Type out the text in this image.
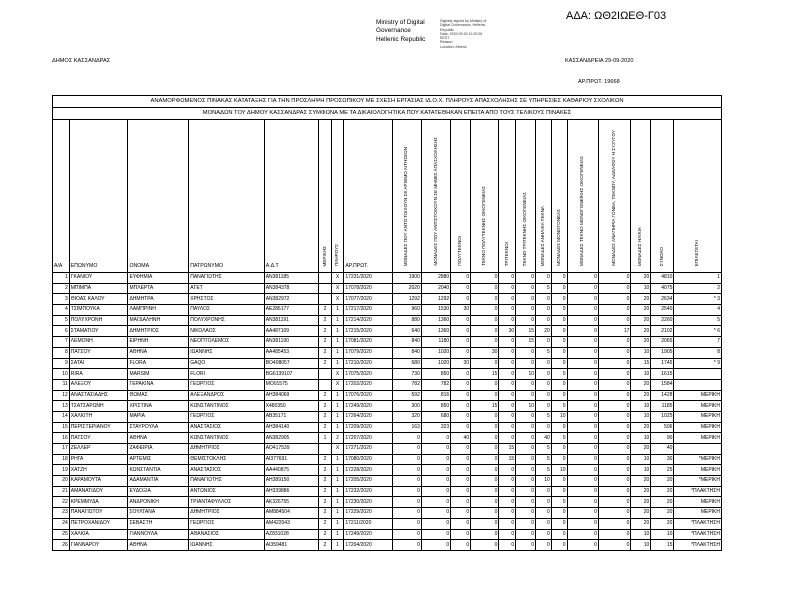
ΑΔΑ: ΩΘ2ΙΩΕΘ-Γ03
Ministry of Digital
Governance
Hellenic Republic
Digitally signed by Ministry of
Digital Governance, Hellenic
Republic
Date: 2020.09.30 11:29:26
EEST
Reason:
Location: Athens
ΔΗΜΟΣ ΚΑΣΣΑΝΔΡΑΣ	ΚΑΣΣΑΝΔΡΕΙΑ 29-09-2020
ΑΡ.ΠΡΩΤ. 19668
ΑΝΑΜΟΡΦΩΜΕΝΟΣ ΠΙΝΑΚΑΣ ΚΑΤΑΤΑΞΗΣ ΓΙΑ ΤΗΝ ΠΡΟΣΛΗΨΗ ΠΡΟΣΩΠΙΚΟΥ ΜΕ ΣΧΕΣΗ ΕΡΓΑΣΙΑΣ ΙΔ.Ο.Χ. ΠΛΗΡΟΥΣ ΑΠΑΣΧΟΛΗΣΗΣ ΣΕ ΥΠΗΡΕΣΙΕΣ ΚΑΘΑΡΙΟΥ ΣΧΟΛΙΚΩΝ																				
ΜΟΝΑΔΩΝ ΤΟΥ ΔΗΜΟΥ ΚΑΣΣΑΝΔΡΑΣ ΣΥΜΦΩΝΑ ΜΕ ΤΑ ΔΙΚΑΙΟΛΟΓΗΤΙΚΑ ΠΟΥ ΚΑΤΑΤΕΘΗΚΑΝ ΕΠΕΙΤΑ ΑΠΟ ΤΟΥΣ ΤΕΛΙΚΟΥΣ ΠΙΝΑΚΕΣ																				
Α/Α	ΕΠΩΝΥΜΟ	ΟΝΟΜΑ	ΠΑΤΡΩΝΥΜΟ	Α.Δ.Τ	ΜΕΡΙΚΗΣ	ΠΛΗΡΟΥΣ	ΑΡ.ΠΡΩΤ.	ΜΟΝΑΔΕΣ ΠΟΥ ΑΝΤΙΣΤΟΙΧΟΥΝ ΣΕ ΑΡΙΘΜΟ ΑΙΤΗΣΕΩΝ	ΜΟΝΑΔΕΣ ΠΟΥ ΑΝΤΙΣΤΟΙΧΟΥΝ ΣΕ ΜΗΝΕΣ ΑΠΑΣΧΟΛΗΣΗΣ	ΠΟΛΥΤΕΚΝΟΙ	ΤΕΚΝΟ ΠΟΛΥΤΕΚΝΗΣ ΟΙΚΟΓΕΝΕΙΑΣ	ΤΡΙΤΕΚΝΟΙ	ΤΕΚΝΟ ΤΡΙΤΕΚΝΗΣ ΟΙΚΟΓΕΝΕΙΑΣ	ΜΟΝΑΔΕΣ ΑΝΗΛΙΚΑ ΤΕΚΝΑ	ΜΟΝΑΔΕΣ ΜΟΝΟΓΟΝΕΑΣ	ΜΟΝΑΔΕΣ ΤΕΚΝΟ ΜΟΝΟΓΟΝΕΪΚΗΣ ΟΙΚΟΓΕΝΕΙΑΣ	ΜΟΝΑΔΕΣ ΑΝΑΠΗΡΙΑ ΓΟΝΕΑ, ΤΕΚΝΟΥ, ΑΔΕΛΦΟΥ Η ΣΥΖΥΓΟΥ	ΜΟΝΑΔΕΣ ΗΛΙΚΙΑ	ΣΥΝΟΛΟ	ΕΠΙΛΕΓΕΤΑΙ
1	ΓΚΑΝΙΟΥ	ΕΥΦΗΜΙΑ	ΠΑΝΑΓΙΩΤΗΣ	ΑΝ381185		Χ	17231/2020	1900	2880	0	0	0	0	0	0	0	0	20	4810	1
2	ΜΠΙΜΠΑ	ΜΠΛΕΡΤΑ	ΑΓΕΤ	ΑΝ384378		Χ	17078/2020	2020	2040	0	0	0	0	5	0	0	0	10	4075	2
3	ΘΙΟΑΣ ΚΑΛΟΥ	ΔΗΜΗΤΡΑ	ΧΡΗΣΤΟΣ	ΑΝ382972		Χ	17077/2020	1292	1292	0	0	0	0	0	0	0	0	20	2634	* 3
4	ΤΣΙΜΠΟΥΚΑ	ΛΑΜΠΡΙΝΗ	ΠΑΥΛΟΣ	ΑΕ286177	2	1	17217/2020	960	1530	30	0	0	0	0	0	0	0	20	2540	4
5	ΠΟΛΥΧΡΟΝΗ	ΜΑΓΔΑΛΗΝΗ	ΠΟΛΥΧΡΟΝΗΣ	ΑΝ381191	2	1	17214/2020	880	1360	0	0	0	0	0	0	0	0	20	2260	5
6	ΣΤΑΜΑΤΙΟΥ	ΔΗΜΗΤΡΙΟΣ	ΝΙΚΟΛΑΟΣ	ΑΑ487109	2	1	17215/2020	640	1360	0	0	30	15	20	0	0	17	20	2102	* 6
7	ΛΕΜΟΝΗ	ΕΙΡΗΝΗ	ΝΕΟΠΤΟΛΕΜΟΣ	ΑΝ381190	2	1	17081/2020	840	1180	0	0	0	15	0	0	0	0	20	2065	7
8	ΠΑΤΣΟΥ	ΑΘΗΝΑ	ΙΩΑΝΝΗΣ	ΑΑ485453	2	1	17079/2020	840	1020	0	30	0	0	5	0	0	0	10	1905	8
9	ΣΑΤΑΙ	FLORA	GAQO	BO408057	2	1	17210/2020	680	1020	30	0	0	0	0	0	0	0	15	1745	* 9
10	RIRA	MARSIM	FLORI	BG6139107		Χ	17075/2020	730	850	0	15	0	10	0	0	0	0	10	1615	
11	ΑΛΕΞΟΥ	ΓΕΡΑΚΙΝΑ	ΓΕΩΡΓΙΟΣ	ΜΟ01575		Χ	17202/2020	782	782	0	0	0	0	0	0	0	0	20	1584	
12	ΑΝΑΣΤΑΣΙΑΔΗΣ	ΘΩΜΑΣ	ΑΛΕΞΑΝΔΡΟΣ	ΑΗ384069	2	1	17076/2020	592	816	0	0	0	0	0	0	0	0	20	1428	ΜΕΡΙΚΗ
13	ΤΣΑΤΣΑΡΩΝΗ	ΧΡΙΣΤΙΝΑ	ΚΩΝΣΤΑΝΤΙΝΟΣ	Χ480350	2	1	17249/2020	300	850	0	15	0	10	0	0	0	0	10	1185	ΜΕΡΙΚΗ
14	ΧΑΛΚΙΤΗ	ΜΑΡΙΑ	ΓΕΩΡΓΙΟΣ	ΑΒ35171	2	1	17264/2020	320	680	0	0	0	0	5	10	0	0	10	1025	ΜΕΡΙΚΗ
15	ΠΕΡΙΣΤΕΡΙΑΝΟΥ	ΣΤΑΥΡΟΥΛΑ	ΑΝΑΣΤΑΣΙΟΣ	ΑΗ384140	2	1	17209/2020	163	323	0	0	0	0	0	0	0	0	20	506	ΜΕΡΙΚΗ
16	ΠΑΤΣΟΥ	ΑΘΗΝΑ	ΚΩΝΣΤΑΝΤΙΝΟΣ	ΑΝ382905	1	2	17207/2020	0	0	40	0	0	0	40	0	0	0	10	90	ΜΕΡΙΚΗ
17	ΖΕΛΛΕΡ	ΖΑΦΕΙΡΙΑ	ΔΗΜΗΤΡΙΟΣ	ΑΟ417539		Χ	17271/2020	0	0	0	0	15	0	5	0	0	0	20	40	
18	ΡΗΓΑ	ΑΡΤΕΜΙΣ	ΘΕΜΙΣΤΟΚΛΗΣ	ΑΙ377691	2	1	17080/2020	0	0	0	0	15	0	5	0	0	0	10	30	*ΜΕΡΙΚΗ
19	ΧΑΤΖΗ	ΚΩΝΣΤΑΝΤΙΑ	ΑΝΑΣΤΑΣΙΟΣ	ΑΑ440875	2	1	17228/2020	0	0	0	0	0	0	5	10	0	0	10	25	ΜΕΡΙΚΗ
20	ΚΑΡΑΜΟΥΤΑ	ΑΔΑΜΑΝΤΙΑ	ΠΑΝΑΓΙΩΤΗΣ	ΑΗ389150	2	1	17205/2020	0	0	0	0	0	0	10	0	0	0	20	20	*ΜΕΡΙΚΗ
21	ΑΜΑΝΑΤΙΔΟΥ	ΕΥΔΟΞΙΑ	ΑΝΤΩΝΙΟΣ	ΑΗ339886	2	1	17232/2020	0	0	0	0	0	0	0	0	0	0	20	20	*ΠΛΑΚΤΗΣΗ
22	ΚΡΕΜΜΥΔΑ	ΑΝΔΡΟΝΙΚΗ	ΤΡΙΑΝΤΑΦΥΛΛΟΣ	ΑΚ326755	2	1	17230/2020	0	0	0	0	0	0	0	0	0	0	20	20	ΜΕΡΙΚΗ
23	ΠΑΝΑΓΙΩΤΟΥ	ΣΟΥΛΤΑΝΑ	ΔΗΜΗΤΡΙΟΣ	ΑΜ884504	2	1	17229/2020	0	0	0	0	0	0	0	0	0	0	20	20	ΜΕΡΙΚΗ
24	ΠΕΤΡΟΧΑΝΙΔΟΥ	ΣΕΒΑΣΤΗ	ΓΕΩΡΓΙΟΣ	ΑΜ422043	2	1	17211/2020	0	0	0	0	0	0	0	0	0	0	20	20	*ΠΛΑΚΤΗΣΗ
25	ΧΑΛΚΙΑ	ΓΙΑΝΝΟΥΛΑ	ΑΘΑΝΑΣΙΟΣ	ΑΖ831028	2	1	17249/2020	0	0	0	0	0	0	0	0	0	0	10	10	*ΠΛΑΚΤΗΣΗ
26	ΓΙΑΝΝΑΡΟΥ	ΑΘΗΝΑ	ΙΩΑΝΝΗΣ	ΑΙ359481	2	1	17204/2020	0	0	0	0	0	0	0	0	0	0	10	15	*ΠΛΑΚΤΗΣΗ
